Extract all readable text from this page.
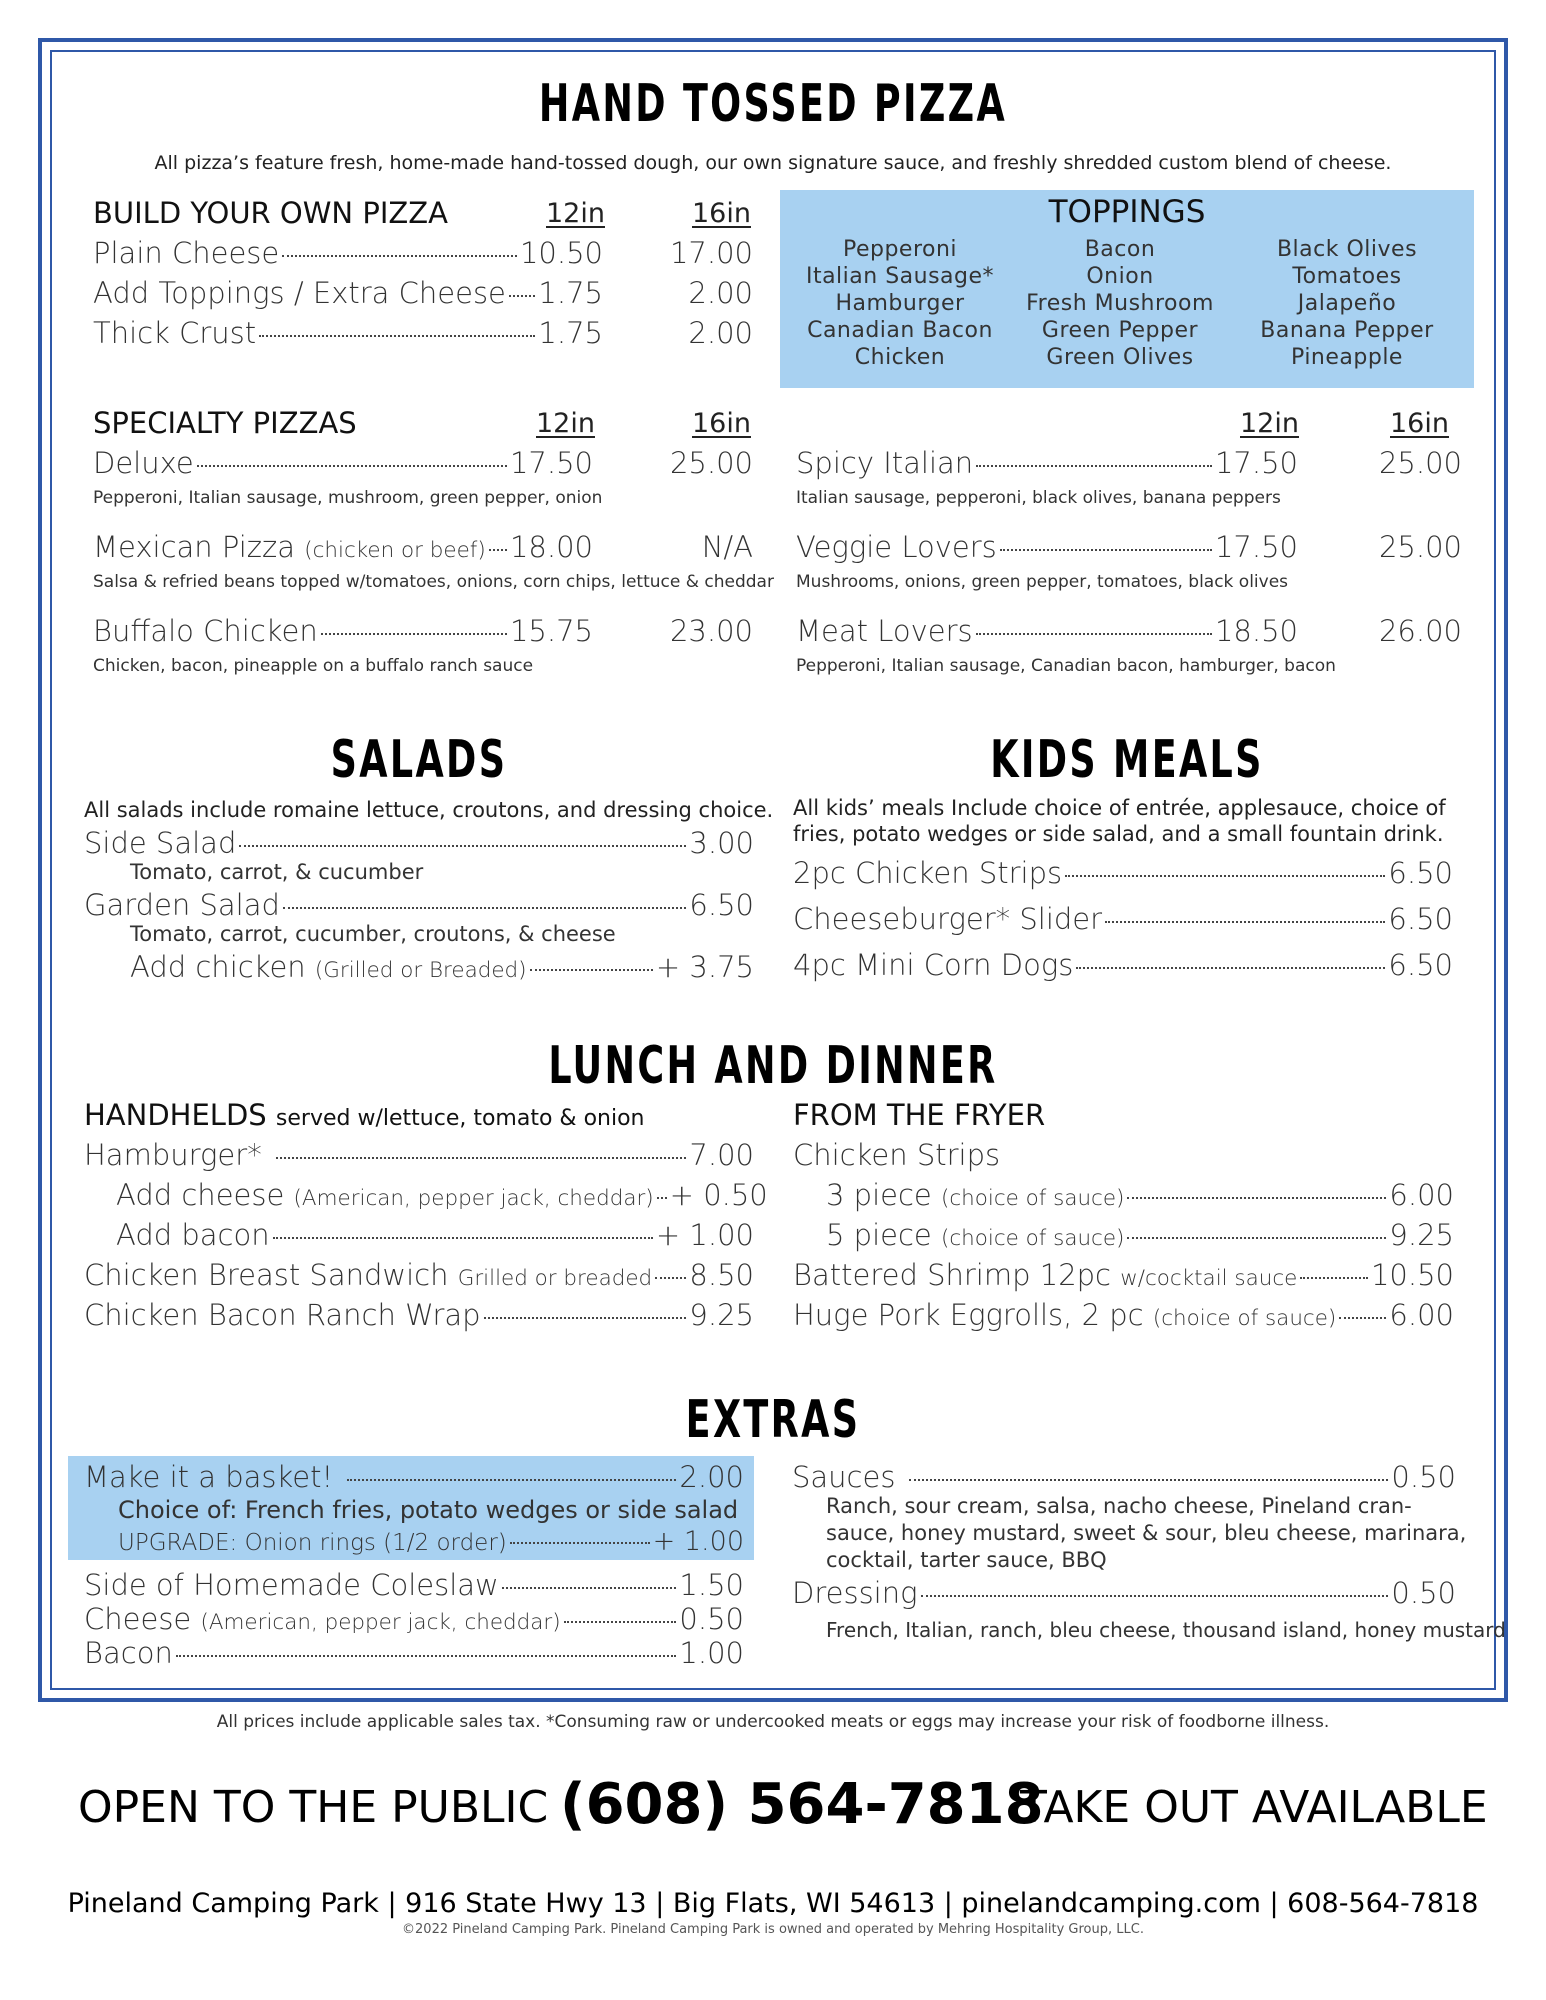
HAND TOSSED PIZZA
All pizza’s feature fresh, home-made hand-tossed dough, our own signature sauce, and freshly shredded custom blend of cheese.
BUILD YOUR OWN PIZZA	12in	16in
Plain Cheese	10.50	17.00
Add Toppings / Extra Cheese 1.75	2.00
Thick Crust	1.75	2.00
TOPPINGS
Pepperoni
Italian Sausage*
Hamburger
Canadian Bacon
Chicken
Bacon
Onion
Fresh Mushroom
Green Pepper
Green Olives
Black Olives
Tomatoes
Jalapeño
Banana Pepper
Pineapple
SPECIALTY PIZZAS	12in	16in	12in	16in
Deluxe	17.50	25.00
Pepperoni, Italian sausage, mushroom, green pepper, onion
Mexican Pizza
(chicken or beef) 18.00	N/A
Salsa & refried beans topped w/tomatoes, onions, corn chips, lettuce & cheddar
Buffalo Chicken	15.75	23.00
Chicken, bacon, pineapple on a buffalo ranch sauce
Spicy Italian	17.50	25.00
Italian sausage, pepperoni, black olives, banana peppers
Veggie Lovers	17.50	25.00
Mushrooms, onions, green pepper, tomatoes, black olives
Meat Lovers	18.50	26.00
Pepperoni, Italian sausage, Canadian bacon, hamburger, bacon
SALADS
All salads include romaine lettuce, croutons, and dressing choice.
Side Salad	3.00
Tomato, carrot, & cucumber
Garden Salad	6.50
Tomato, carrot, cucumber, croutons, & cheese
Add chicken
(Grilled or Breaded)	+ 3.75
KIDS MEALS
All kids’ meals Include choice of entrée, applesauce, choice of
fries, potato wedges or side salad, and a small fountain drink.
2pc Chicken Strips	6.50
Cheeseburger* Slider	6.50
4pc Mini Corn Dogs	6.50
LUNCH AND DINNER
HANDHELDS served w/lettuce, tomato & onion
Hamburger*	7.00
Add cheese
(American, pepper jack, cheddar) + 0.50
Add bacon	+ 1.00
Chicken Breast Sandwich
Grilled or breaded 8.50
Chicken Bacon Ranch Wrap	9.25
FROM THE FRYER
Chicken Strips
3 piece
(choice of sauce)	6.00
5 piece
(choice of sauce)	9.25
Battered Shrimp 12pc
w/cocktail sauce	10.50
Huge Pork Eggrolls, 2 pc
(choice of sauce) 6.00
EXTRAS
Make it a basket!	2.00
Choice of: French fries, potato wedges or side salad
UPGRADE: Onion rings (1/2 order)	+ 1.00
Side of Homemade Coleslaw	1.50
Cheese
(American, pepper jack, cheddar)	0.50
Bacon	1.00
Sauces	0.50
Ranch, sour cream, salsa, nacho cheese, Pineland cran-
sauce, honey mustard, sweet & sour, bleu cheese, marinara,
cocktail, tarter sauce, BBQ
Dressing	0.50
French, Italian, ranch, bleu cheese, thousand island, honey mustard
All prices include applicable sales tax. *Consuming raw or undercooked meats or eggs may increase your risk of foodborne illness.
OPEN TO THE PUBLIC (608) 564-7818
TAKE OUT AVAILABLE
Pineland Camping Park | 916 State Hwy 13 | Big Flats, WI 54613 | pinelandcamping.com | 608-564-7818
©2022 Pineland Camping Park. Pineland Camping Park is owned and operated by Mehring Hospitality Group, LLC.
